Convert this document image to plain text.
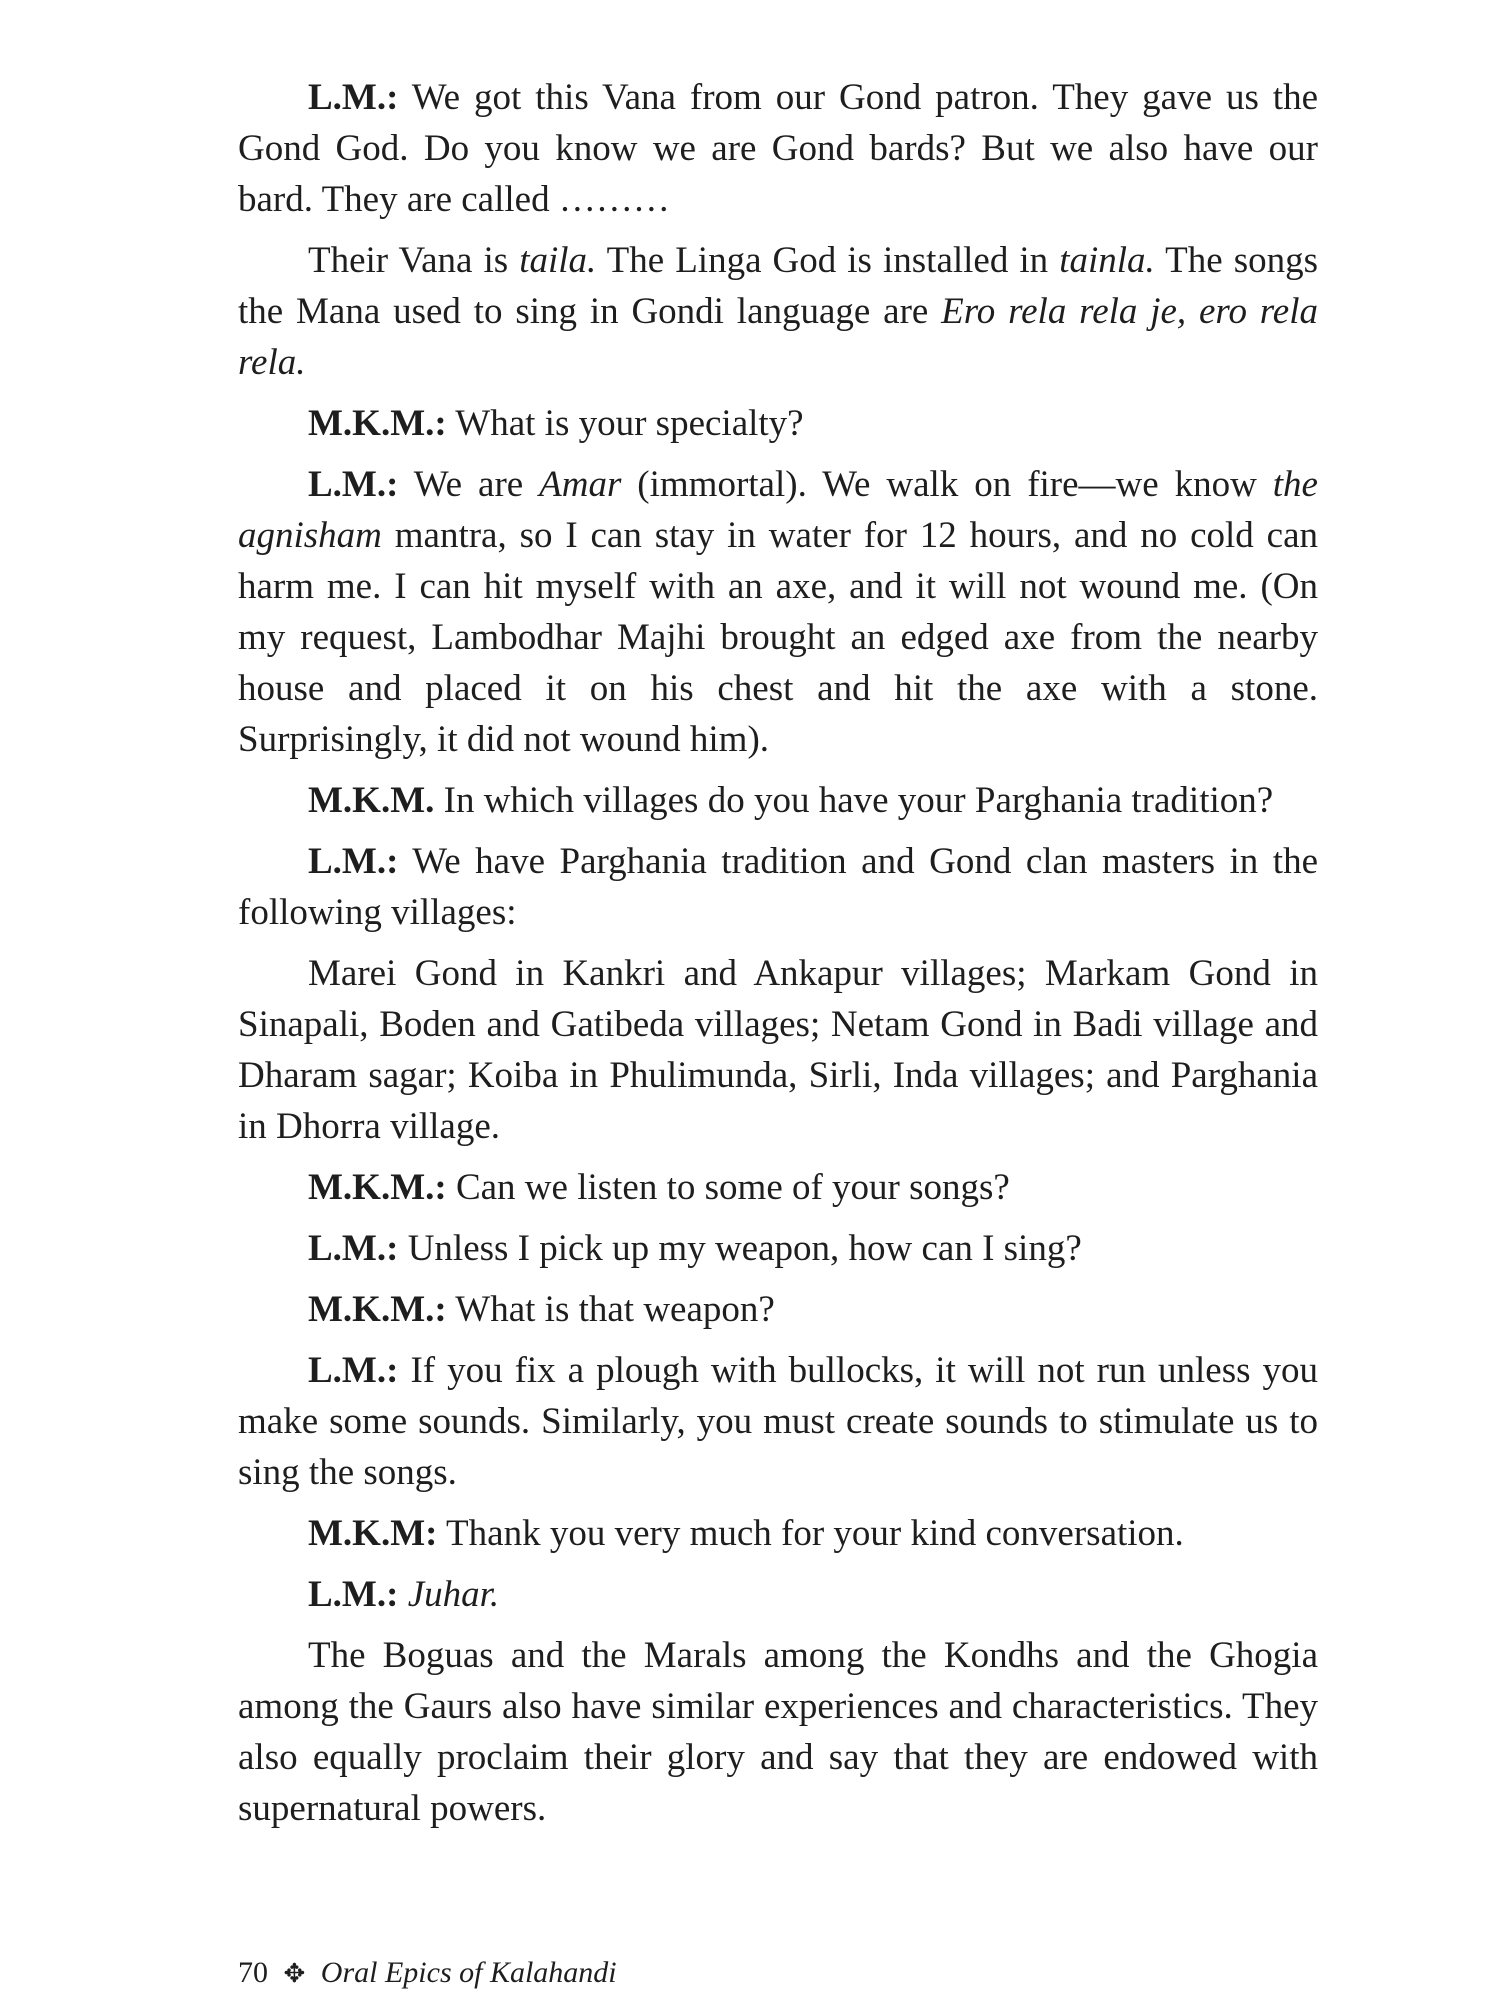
L.M.: We got this Vana from our Gond patron. They gave us the Gond God. Do you know we are Gond bards? But we also have our bard. They are called ………

Their Vana is taila. The Linga God is installed in tainla. The songs the Mana used to sing in Gondi language are Ero rela rela je, ero rela rela.

M.K.M.: What is your specialty?

L.M.: We are Amar (immortal). We walk on fire—we know the agnisham mantra, so I can stay in water for 12 hours, and no cold can harm me. I can hit myself with an axe, and it will not wound me. (On my request, Lambodhar Majhi brought an edged axe from the nearby house and placed it on his chest and hit the axe with a stone. Surprisingly, it did not wound him).

M.K.M. In which villages do you have your Parghania tradition?

L.M.: We have Parghania tradition and Gond clan masters in the following villages:

Marei Gond in Kankri and Ankapur villages; Markam Gond in Sinapali, Boden and Gatibeda villages; Netam Gond in Badi village and Dharam sagar; Koiba in Phulimunda, Sirli, Inda villages; and Parghania in Dhorra village.

M.K.M.: Can we listen to some of your songs?

L.M.: Unless I pick up my weapon, how can I sing?

M.K.M.: What is that weapon?

L.M.: If you fix a plough with bullocks, it will not run unless you make some sounds. Similarly, you must create sounds to stimulate us to sing the songs.

M.K.M: Thank you very much for your kind conversation.

L.M.: Juhar.

The Boguas and the Marals among the Kondhs and the Ghogia among the Gaurs also have similar experiences and characteristics. They also equally proclaim their glory and say that they are endowed with supernatural powers.

70 ✥ Oral Epics of Kalahandi
